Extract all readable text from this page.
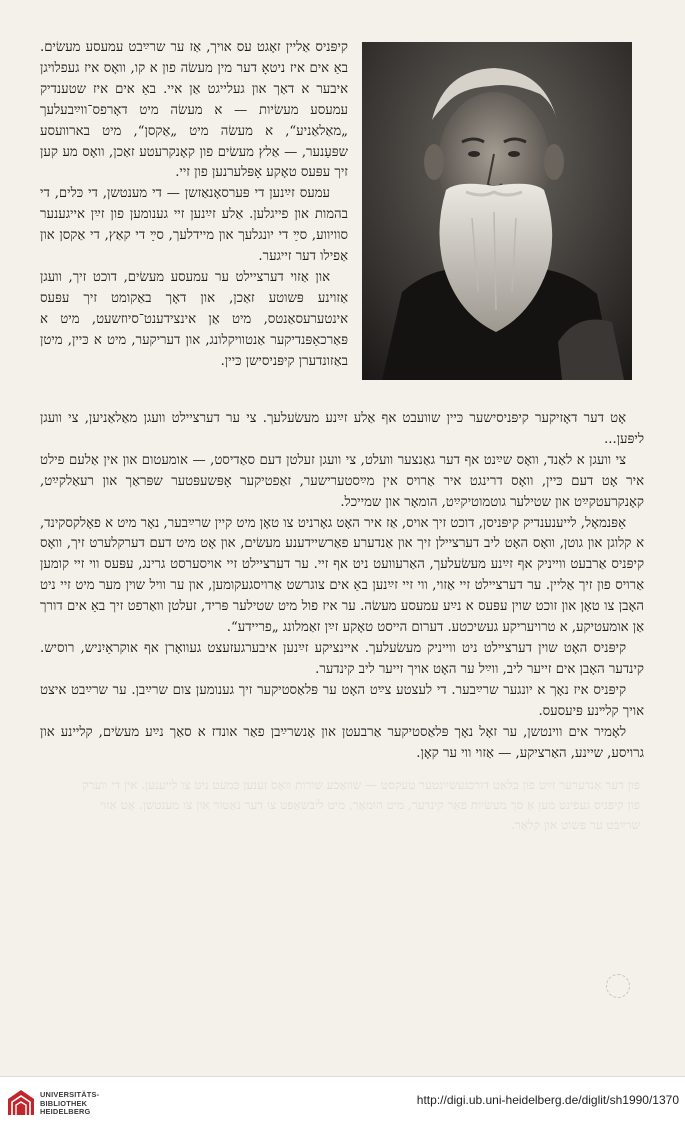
קיפּניס אַליין זאָגט עס אויך, אַז ער שרײַבט עמעסע מעשׂים. באַ אים איז ניטאָ דער מין מעשׂה פון א קו, וואָס איז געפלויגן איבער א דאַך און געלייגט אַן איי. באַ אים איז שטענדיק עמעסע מעשׂיות — א מעשׂה מיט דאָרפס־ווײַבעלעך „מאַלאַניע“, א מעשׂה מיט „אַקסן“, מיט בארוועסע שפּעַנער, — אַלץ מעשׂים פון קאָנקרעטע זאַכן, וואָס מע קען זיך עפּעס טאָקע אָפּלערנען פון זיי.

עמעס זײַנען די פּערסאָנאַזשן — די מענטשן, די כּלים, די בהמות און פייגלען. אַלע זײַנען זיי גענומען פון זײַן אייגענער סוויווע, סײַ די יונגלעך און מיידלעך, סײַ די קאַץ, די אַקסן און אַפילו דער זייגער.

און אַזוי דערציילט ער עמעסע מעשׂים, דוכט זיך, וועגן אַזוינע פּשוטע זאַכן, און דאָך באַקומט זיך עפּעס אינטערעסאַנטס, מיט אַן אינצידענט־סיוזשעט, מיט א פּאַרכאַפּנדיקער אַנטוויקלונג, און דעריקער, מיט א כּיין, מיטן באַזונדערן קיפּניסישן כּיין.

אָט דער דאָזיקער קיפּניסישער כּיין שוועבט אף אַלע זײַנע מעשׂעלעך. צי ער דערציילט וועגן מאַלאַניען, צי וועגן ליפּען...

צי וועגן א לאַנד, וואָס שײַנט אף דער גאַנצער וועלט, צי וועגן זעלטן דעם סאַדיסט, — אומעטום און אין אַלעם פילט איר אָט דעם כּיין, וואָס דרינגט איר אַרויס אין מײַסטערישער, זאַפטיקער אָפּשעפּטער שפּראַך און רעאַלקײַט, קאָנקרעטקײַט און שטילער גוטמוטיקײַט, הומאָר און שמייכל.

אַפּנמאָל, לייענענדיק קיפּניסן, דוכט זיך אויס, אַז איר האָט גאָרניט צו טאָן מיט קיין שרײַבער, נאָר מיט א פאָלקסקינד, א קלוגן און גוטן, וואָס האָט ליב דערציילן זיך און אַנדערע פאַרשיידענע מעשׂים, און אָט מיט דעם דערקלערט זיך, וואָס קיפּניס אַרבעט ווייניק אף זײַנע מעשׂעלעך, האַרעוועט ניט אף זיי. ער דערציילט זיי אויסערסט גרינג, עפּעס ווי זיי קומען אַרויס פון זיך אַליין. ער דערציילט זיי אַזוי, ווי זיי זײַנען באַ אים צוגרשט אַרויסגעקומען, און ער וויל שוין מער מיט זיי ניט האָבן צו טאָן און זוכט שוין עפּעס א נײַע עמעסע מעשׂה. ער איז פול מיט שטילער פּריד, זעלטן וואַרפט זיך באַ אים דורך אַן אומעטיקע, א טרויעריקע געשיכטע. דערום הייסט טאָקע זײַן זאַמלונג „פריידע“.

קיפּניס האָט שוין דערציילט ניט ווייניק מעשׂעלעך. איינציקע זײַנען איבערגעזעצט געוואָרן אף אוקראַיִניש, רוסיש. קינדער האָבן אים זייער ליב, ווײַל ער האָט אויך זייער ליב קינדער.

קיפּניס איז נאָך א יונגער שרײַבער. די לעצטע צײַט האָט ער פּלאַסטיקער זיך גענומען צום שרײַבן. ער שרײַבט איצט אויך קלײנע פּיעסעס.

לאָמיר אים ווינטשן, ער זאָל נאָך פּלאַסטיקער אַרבעטן און אָנשרײַבן פאַר אונדז א סאַך נײַע מעשׂים, קליינע און גרויסע, שיינע, האַרציקע, — אַזוי ווי ער קאָן.

פון דער אַנדערער זײַט פון בלאַט דורכגעשײַנטער טעקסט — שוואַכע שורות וואָס זענען כּמעט ניט צו לייענען. אין די ווערק פון קיפּניס געפינט מען אַ סך מעשׂיות פאַר קינדער, מיט הומאָר, מיט ליבשאַפט צו דער נאַטור און צו מענטשן. אָט אַזוי שרײַבט ער פּשוט און קלאָר.
UNIVERSITÄTS-
BIBLIOTHEK
HEIDELBERG
http://digi.ub.uni-heidelberg.de/diglit/sh1990/1370
